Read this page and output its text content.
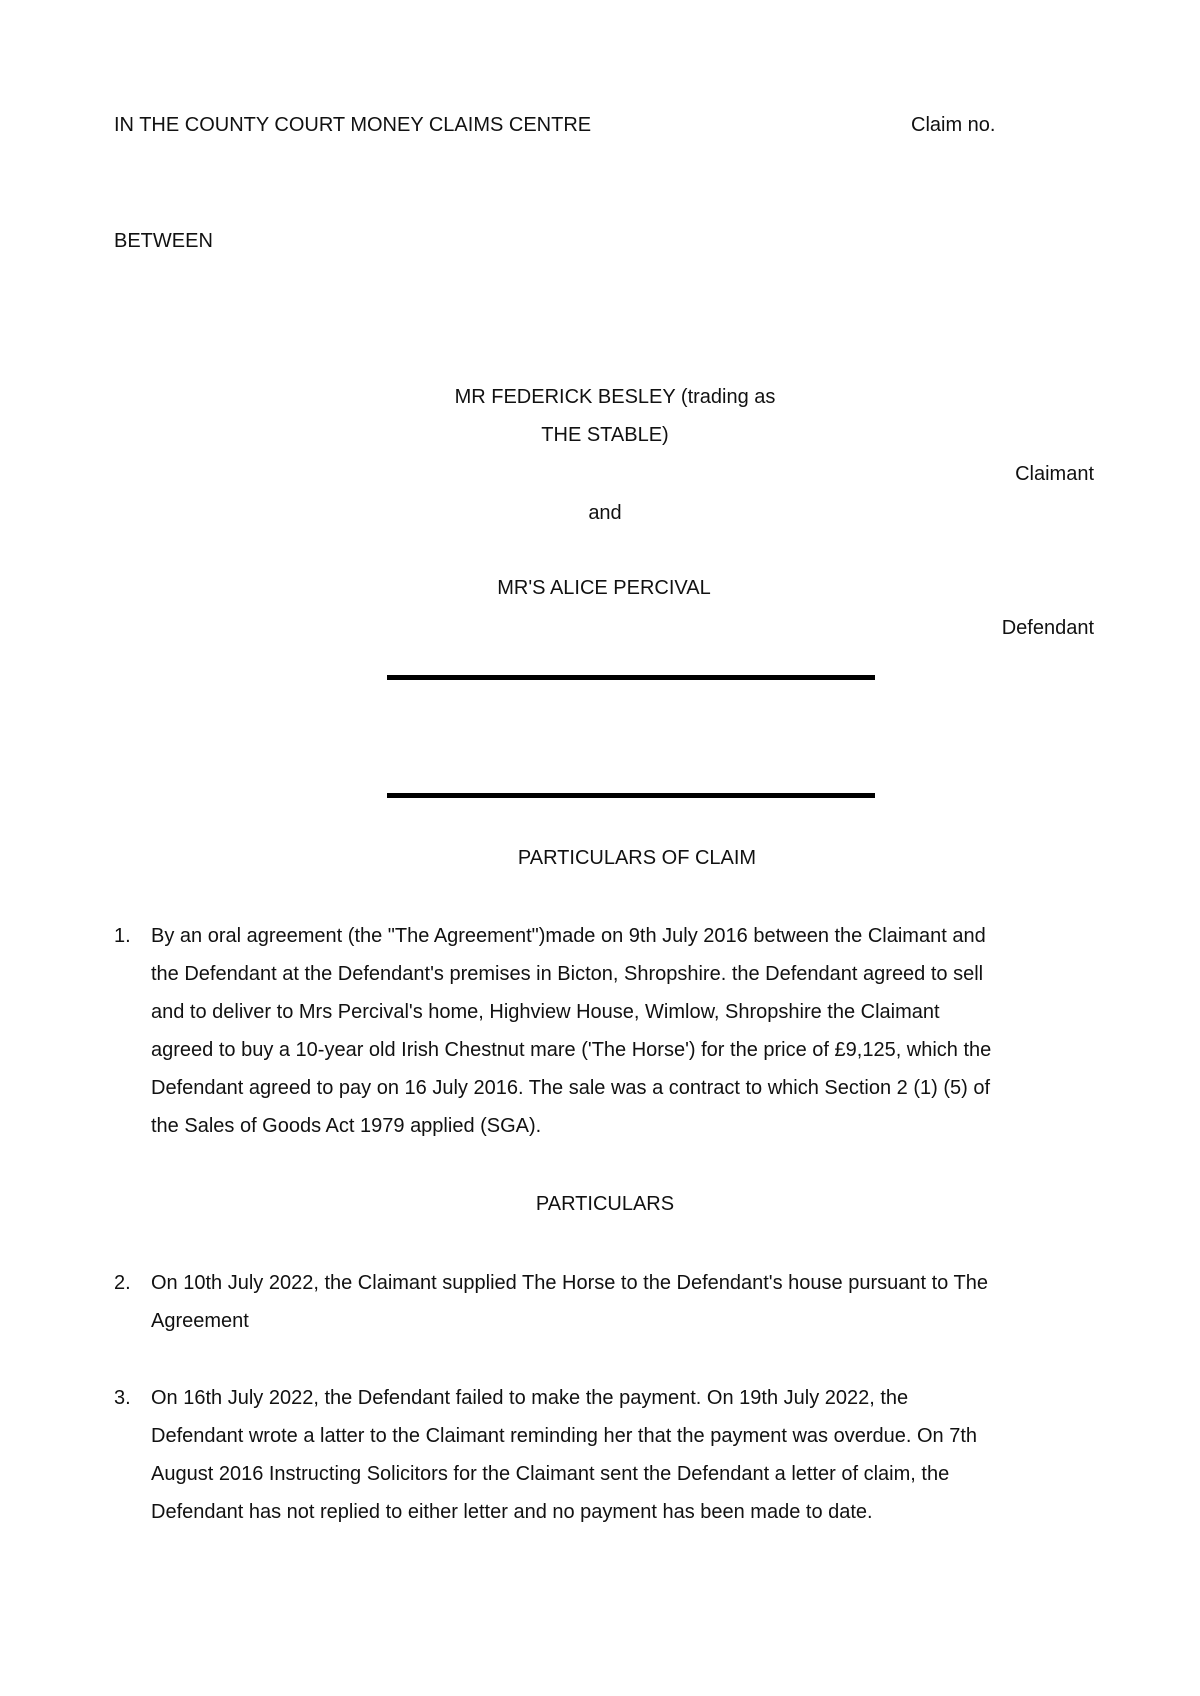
IN THE COUNTY COURT MONEY CLAIMS CENTRE	Claim no.
BETWEEN
MR FEDERICK BESLEY (trading as
THE STABLE)
Claimant
and
MR'S ALICE PERCIVAL
Defendant
PARTICULARS OF CLAIM
1. By an oral agreement (the "The Agreement")made on 9th July 2016 between the Claimant and
the Defendant at the Defendant's premises in Bicton, Shropshire. the Defendant agreed to sell
and to deliver to Mrs Percival's home, Highview House, Wimlow, Shropshire the Claimant
agreed to buy a 10-year old Irish Chestnut mare ('The Horse') for the price of £9,125, which the
Defendant agreed to pay on 16 July 2016. The sale was a contract to which Section 2 (1) (5) of
the Sales of Goods Act 1979 applied (SGA).
PARTICULARS
2. On 10th July 2022, the Claimant supplied The Horse to the Defendant's house pursuant to The
Agreement
3. On 16th July 2022, the Defendant failed to make the payment. On 19th July 2022, the
Defendant wrote a latter to the Claimant reminding her that the payment was overdue. On 7th
August 2016 Instructing Solicitors for the Claimant sent the Defendant a letter of claim, the
Defendant has not replied to either letter and no payment has been made to date.
